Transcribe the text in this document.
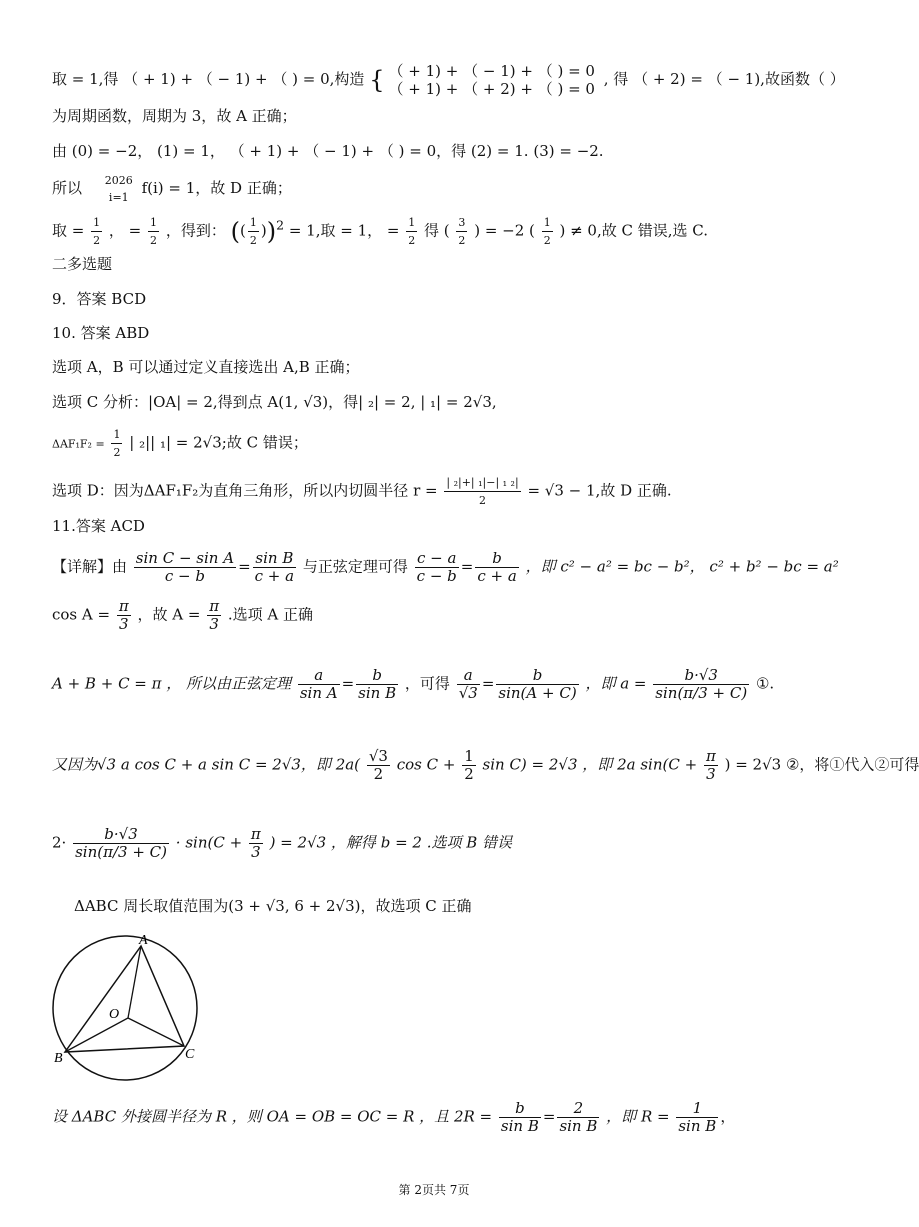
取 = 1,得 （ + 1) + （ − 1) + （ ) = 0,构造 { （ + 1) + （ − 1) + （ ) = 0
（ + 1) + （ + 2) + （ ) = 0
, 得 （ + 2) = （ − 1),故函数（ ）
为周期函数，周期为 3，故 A 正确；
由 (0) = −2， (1) = 1， （ + 1) + （ − 1) + （ ) = 0，得 (2) = 1. (3) = −2.
所以 2026
i=1
f(i) = 1，故 D 正确；
取 = $\frac{1}{2}$ ， = $\frac{1}{2}$ ，得到： (( $\frac{1}{2} ))^2 = 1$,取 = 1， = $\frac{1}{2}$ 得 ( $\frac{3}{2}$ ) = −2 ( $\frac{1}{2}$ ) ≠ 0,故 C 错误,选 C.
二多选题
9．答案 BCD
10. 答案 ABD
选项 A，B 可以通过定义直接选出 A,B 正确；
选项 C 分析：|OA| = 2,得到点 A(1, √3)，得| ₂| = 2, | ₁| = 2√3,
$\Delta AF_1F_2 = \frac{1}{2}$ | ₂|| ₁| = 2√3;故 C 错误；
选项 D：因为ΔAF₁F₂为直角三角形，所以内切圆半径 $r = \frac{\text{| ₂|+| ₁|−| ₁ ₂|}}{2} = √3 - 1$,故 D 正确.
11.答案 ACD
【详解】由 $\frac{\text{sin C − sin A}}{c - b} = \frac{\text{sin B}}{c + a}$ 与正弦定理可得 $\frac{c - a}{c - b} = \frac{b}{c + a}$ ，即 c² − a² = bc − b²， c² + b² − bc = a²
$\cos A = \frac{\pi}{3}$ ，故 $A = \frac{\pi}{3}$ .选项 A 正确
A + B + C = π ， 所以由正弦定理 $\frac{a}{\text{sin A}} = \frac{b}{\text{sin B}}$ ，可得 $\frac{a}{√3} = \frac{b}{\sin(A + C)}$ ，即 $a = \frac{b\cdot√3}{\sin(\pi/3 + C)}$ ①.
又因为√3 a cos C + a sin C = 2√3，即 $2a( \frac{√3}{2}$ $\cos C + \frac{1}{2}$ sin C) = 2√3 ，即 2a $\sin(C + \frac{\pi}{3}$ ) = 2√3 ②，将①代入②可得
$2\cdot \frac{b\cdot√3}{\sin(\pi/3 + C)} \cdot \sin(C + \frac{\pi}{3}$ ) = 2√3 ，解得 b = 2 .选项 B 错误
ΔABC 周长取值范围为(3 + √3, 6 + 2√3)，故选项 C 正确
A
B	C
O
设 ΔABC 外接圆半径为 R ，则 OA = OB = OC = R ，且 $2R = \frac{b}{\text{sin B}} = \frac{2}{\text{sin B}}$ ，即 $R = \frac{1}{\text{sin B}}$ ，
第 2页共 7页
